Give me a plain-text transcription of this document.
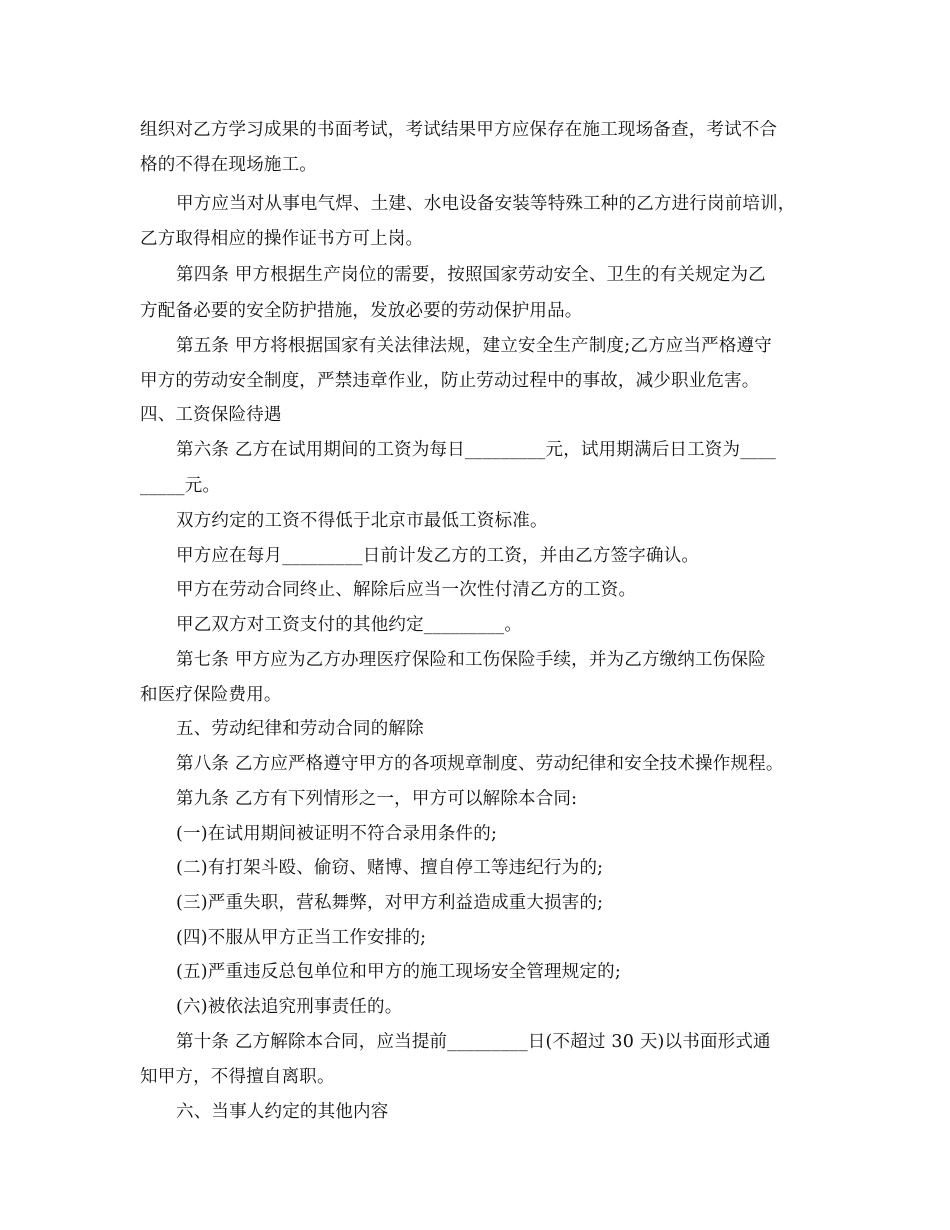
组织对乙方学习成果的书面考试，考试结果甲方应保存在施工现场备查，考试不合
格的不得在现场施工。
甲方应当对从事电气焊、土建、水电设备安装等特殊工种的乙方进行岗前培训，
乙方取得相应的操作证书方可上岗。
第四条 甲方根据生产岗位的需要，按照国家劳动安全、卫生的有关规定为乙
方配备必要的安全防护措施，发放必要的劳动保护用品。
第五条 甲方将根据国家有关法律法规，建立安全生产制度;乙方应当严格遵守
甲方的劳动安全制度，严禁违章作业，防止劳动过程中的事故，减少职业危害。
四、工资保险待遇
第六条 乙方在试用期间的工资为每日_________元，试用期满后日工资为____
_____元。
双方约定的工资不得低于北京市最低工资标准。
甲方应在每月_________日前计发乙方的工资，并由乙方签字确认。
甲方在劳动合同终止、解除后应当一次性付清乙方的工资。
甲乙双方对工资支付的其他约定_________。
第七条 甲方应为乙方办理医疗保险和工伤保险手续，并为乙方缴纳工伤保险
和医疗保险费用。
五、劳动纪律和劳动合同的解除
第八条 乙方应严格遵守甲方的各项规章制度、劳动纪律和安全技术操作规程。
第九条 乙方有下列情形之一，甲方可以解除本合同:
(一)在试用期间被证明不符合录用条件的;
(二)有打架斗殴、偷窃、赌博、擅自停工等违纪行为的;
(三)严重失职，营私舞弊，对甲方利益造成重大损害的;
(四)不服从甲方正当工作安排的;
(五)严重违反总包单位和甲方的施工现场安全管理规定的;
(六)被依法追究刑事责任的。
第十条 乙方解除本合同，应当提前_________日(不超过 30 天)以书面形式通
知甲方，不得擅自离职。
六、当事人约定的其他内容
